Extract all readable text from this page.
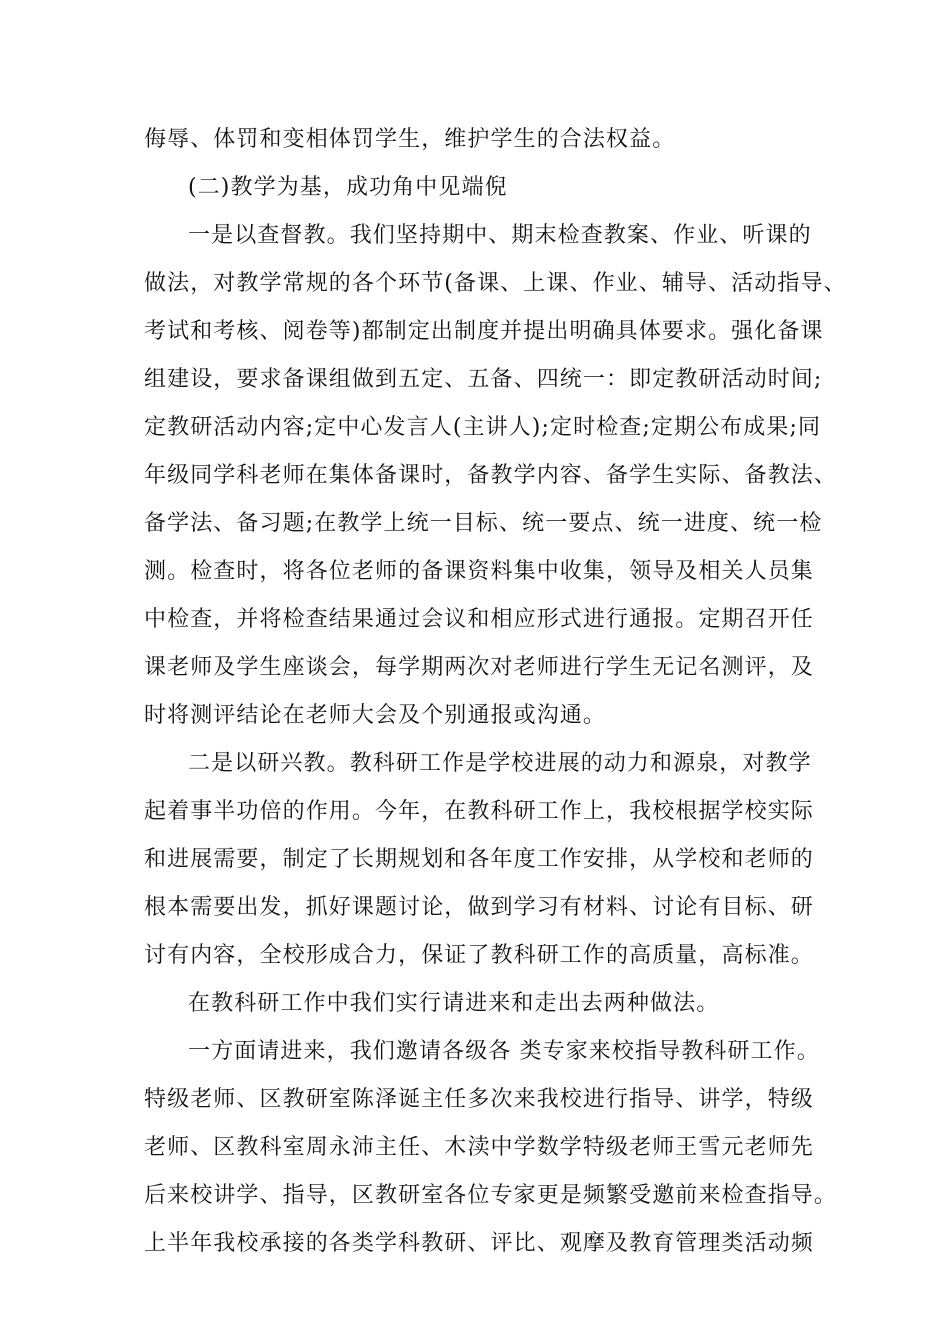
侮辱、体罚和变相体罚学生，维护学生的合法权益。
(二)教学为基，成功角中见端倪
一是以查督教。我们坚持期中、期末检查教案、作业、听课的
做法，对教学常规的各个环节(备课、上课、作业、辅导、活动指导、
考试和考核、阅卷等)都制定出制度并提出明确具体要求。强化备课
组建设，要求备课组做到五定、五备、四统一：即定教研活动时间;
定教研活动内容;定中心发言人(主讲人);定时检查;定期公布成果;同
年级同学科老师在集体备课时，备教学内容、备学生实际、备教法、
备学法、备习题;在教学上统一目标、统一要点、统一进度、统一检
测。检查时，将各位老师的备课资料集中收集，领导及相关人员集
中检查，并将检查结果通过会议和相应形式进行通报。定期召开任
课老师及学生座谈会，每学期两次对老师进行学生无记名测评，及
时将测评结论在老师大会及个别通报或沟通。
二是以研兴教。教科研工作是学校进展的动力和源泉，对教学
起着事半功倍的作用。今年，在教科研工作上，我校根据学校实际
和进展需要，制定了长期规划和各年度工作安排，从学校和老师的
根本需要出发，抓好课题讨论，做到学习有材料、讨论有目标、研
讨有内容，全校形成合力，保证了教科研工作的高质量，高标准。
在教科研工作中我们实行请进来和走出去两种做法。
一方面请进来，我们邀请各级各 类专家来校指导教科研工作。
特级老师、区教研室陈泽诞主任多次来我校进行指导、讲学，特级
老师、区教科室周永沛主任、木渎中学数学特级老师王雪元老师先
后来校讲学、指导，区教研室各位专家更是频繁受邀前来检查指导。
上半年我校承接的各类学科教研、评比、观摩及教育管理类活动频
